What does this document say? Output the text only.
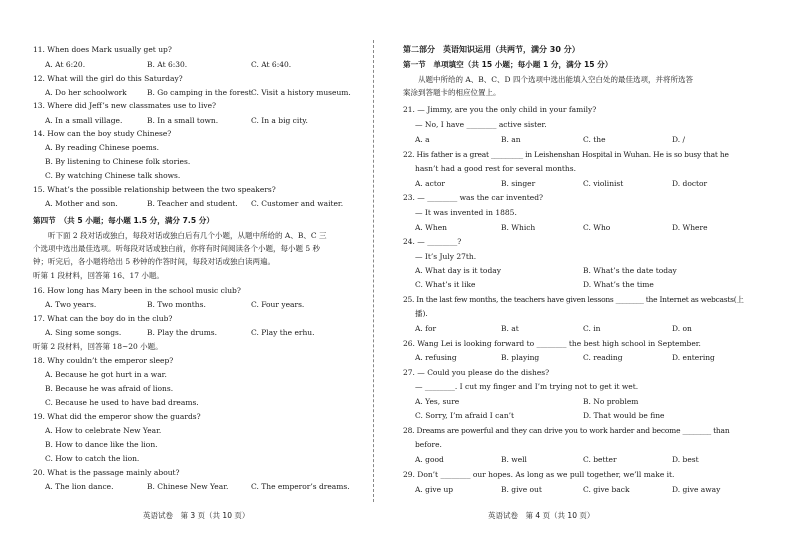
11. When does Mark usually get up?
A. At 6:20.	B. At 6:30.	C. At 6:40.
12. What will the girl do this Saturday?
A. Do her schoolwork	B. Go camping in the forest C. Visit a history museum.
13. Where did Jeff’s new classmates use to live?
A. In a small village.	B. In a small town.	C. In a big city.
14. How can the boy study Chinese?
A. By reading Chinese poems.
B. By listening to Chinese folk stories.
C. By watching Chinese talk shows.
15. What’s the possible relationship between the two speakers?
A. Mother and son.	B. Teacher and student. C. Customer and waiter.
第四节　（共 5 小题；每小题 1.5 分，满分 7.5 分）
　　听下面 2 段对话或独白，每段对话或独白后有几个小题，从题中所给的 A、B、C 三
个选项中选出最佳选项。听每段对话或独白前，你将有时间阅读各个小题，每小题 5 秒
钟；听完后，各小题将给出 5 秒钟的作答时间，每段对话或独白读两遍。
听第 1 段材料，回答第 16、17 小题。
16. How long has Mary been in the school music club?
A. Two years.	B. Two months.	C. Four years.
17. What can the boy do in the club?
A. Sing some songs.	B. Play the drums.	C. Play the erhu.
听第 2 段材料，回答第 18~20 小题。
18. Why couldn’t the emperor sleep?
A. Because he got hurt in a war.
B. Because he was afraid of lions.
C. Because he used to have bad dreams.
19. What did the emperor show the guards?
A. How to celebrate New Year.
B. How to dance like the lion.
C. How to catch the lion.
20. What is the passage mainly about?
A. The lion dance.	B. Chinese New Year.	C. The emperor’s dreams.
英语试卷　第 3 页（共 10 页）
第二部分　英语知识运用（共两节，满分 30 分）
第一节　单项填空（共 15 小题；每小题 1 分，满分 15 分）
　　从题中所给的 A、B、C、D 四个选项中选出能填入空白处的最佳选项，并将所选答
案涂到答题卡的相应位置上。
21. — Jimmy, are you the only child in your family?
— No, I have ________ active sister.
A. a	B. an	C. the	D. /
22. His father is a great _________ in Leishenshan Hospital in Wuhan. He is so busy that he
hasn’t had a good rest for several months.
A. actor	B. singer	C. violinist	D. doctor
23. — ________ was the car invented?
— It was invented in 1885.
A. When	B. Which	C. Who	D. Where
24. — ________?
— It’s July 27th.
A. What day is it today	B. What’s the date today
C. What’s it like	D. What’s the time
25. In the last few months, the teachers have given lessons ________ the Internet as webcasts(上
播).
A. for	B. at	C. in	D. on
26. Wang Lei is looking forward to ________ the best high school in September.
A. refusing	B. playing	C. reading	D. entering
27. — Could you please do the dishes?
— ________. I cut my finger and I’m trying not to get it wet.
A. Yes, sure	B. No problem
C. Sorry, I’m afraid I can’t	D. That would be fine
28. Dreams are powerful and they can drive you to work harder and become ________ than
before.
A. good	B. well	C. better	D. best
29. Don’t ________ our hopes. As long as we pull together, we’ll make it.
A. give up	B. give out	C. give back	D. give away
英语试卷　第 4 页（共 10 页）
